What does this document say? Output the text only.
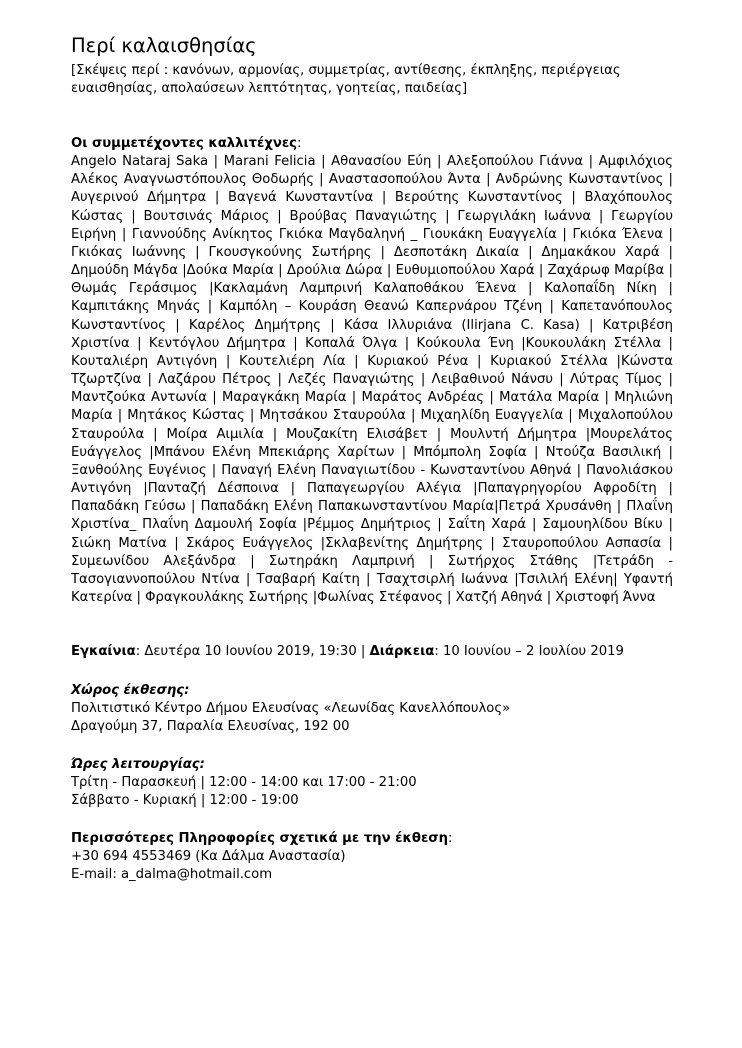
Περί καλαισθησίας

[Σκέψεις περί : κανόνων, αρμονίας, συμμετρίας, αντίθεσης, έκπληξης, περιέργειας ευαισθησίας, απολαύσεων λεπτότητας, γοητείας, παιδείας]

Οι συμμετέχοντες καλλιτέχνες:

Angelo Nataraj Saka | Marani Felicia | Αθανασίου Εύη | Αλεξοπούλου Γιάννα | Αμφιλόχιος Αλέκος Αναγνωστόπουλος Θοδωρής | Αναστασοπούλου Άντα | Ανδρώνης Κωνσταντίνος | Αυγερινού Δήμητρα | Βαγενά Κωνσταντίνα | Βερούτης Κωνσταντίνος | Βλαχόπουλος Κώστας | Βουτσινάς Μάριος | Βρούβας Παναγιώτης | Γεωργιλάκη Ιωάννα | Γεωργίου Ειρήνη | Γιαννούδης Ανίκητος Γκιόκα Μαγδαληνή _ Γιουκάκη Ευαγγελία | Γκιόκα Έλενα | Γκιόκας Ιωάννης | Γκουσγκούνης Σωτήρης | Δεσποτάκη Δικαία | Δημακάκου Χαρά | Δημούδη Μάγδα |Δούκα Μαρία | Δρούλια Δώρα | Ευθυμιοπούλου Χαρά | Ζαχάρωφ Μαρίβα | Θωμάς Γεράσιμος |Κακλαμάνη Λαμπρινή Καλαποθάκου Έλενα | Καλοπαΐδη Νίκη | Καμπιτάκης Μηνάς | Καμπόλη – Κουράση Θεανώ Καπερνάρου Τζένη | Καπετανόπουλος Κωνσταντίνος | Καρέλος Δημήτρης | Κάσα Ιλλυριάνα (Ilirjana C. Kasa) | Κατριβέση Χριστίνα | Κεντόγλου Δήμητρα | Κοπαλά Όλγα | Κούκουλα Ένη |Κουκουλάκη Στέλλα | Κουταλιέρη Αντιγόνη | Κουτελιέρη Λία | Κυριακού Ρένα | Κυριακού Στέλλα |Κώνστα Τζωρτζίνα | Λαζάρου Πέτρος | Λεζές Παναγιώτης | Λειβαθινού Νάνσυ | Λύτρας Τίμος |Μαντζούκα Αντωνία | Μαραγκάκη Μαρία | Μαράτος Ανδρέας | Ματάλα Μαρία | Μηλιώνη Μαρία | Μητάκος Κώστας | Μητσάκου Σταυρούλα | Μιχαηλίδη Ευαγγελία | Μιχαλοπούλου Σταυρούλα | Μοίρα Αιμιλία | Μουζακίτη Ελισάβετ | Μουλντή Δήμητρα |Μουρελάτος Ευάγγελος |Μπάνου Ελένη Μπεκιάρης Χαρίτων | Μπόμπολη Σοφία | Ντούζα Βασιλική | Ξανθούλης Ευγένιος | Παναγή Ελένη Παναγιωτίδου - Κωνσταντίνου Αθηνά | Πανολιάσκου Αντιγόνη |Πανταζή Δέσποινα | Παπαγεωργίου Αλέγια |Παπαγρηγορίου Αφροδίτη | Παπαδάκη Γεύσω | Παπαδάκη Ελένη Παπακωνσταντίνου Μαρία|Πετρά Χρυσάνθη | Πλαΐνη Χριστίνα_ Πλαΐνη Δαμουλή Σοφία |Ρέμμος Δημήτριος | Σαΐτη Χαρά | Σαμουηλίδου Βίκυ | Σιώκη Ματίνα | Σκάρος Ευάγγελος |Σκλαβενίτης Δημήτρης | Σταυροπούλου Ασπασία | Συμεωνίδου Αλεξάνδρα | Σωτηράκη Λαμπρινή | Σωτήρχος Στάθης |Τετράδη - Τασογιαννοπούλου Ντίνα | Τσαβαρή Καίτη | Τσαχτσιρλή Ιωάννα |Τσιλιλή Ελένη| Υφαντή Κατερίνα | Φραγκουλάκης Σωτήρης |Φωλίνας Στέφανος | Χατζή Αθηνά | Χριστοφή Άννα

Εγκαίνια: Δευτέρα 10 Ιουνίου 2019, 19:30 | Διάρκεια: 10 Ιουνίου – 2 Ιουλίου 2019
Χώρος έκθεσης:
Πολιτιστικό Κέντρο Δήμου Ελευσίνας «Λεωνίδας Κανελλόπουλος»
Δραγούμη 37, Παραλία Ελευσίνας, 192 00
Ώρες λειτουργίας:
Τρίτη - Παρασκευή | 12:00 - 14:00 και 17:00 - 21:00
Σάββατο - Κυριακή | 12:00 - 19:00
Περισσότερες Πληροφορίες σχετικά με την έκθεση:
+30 694 4553469 (Κα Δάλμα Αναστασία)
E-mail: a_dalma@hotmail.com
